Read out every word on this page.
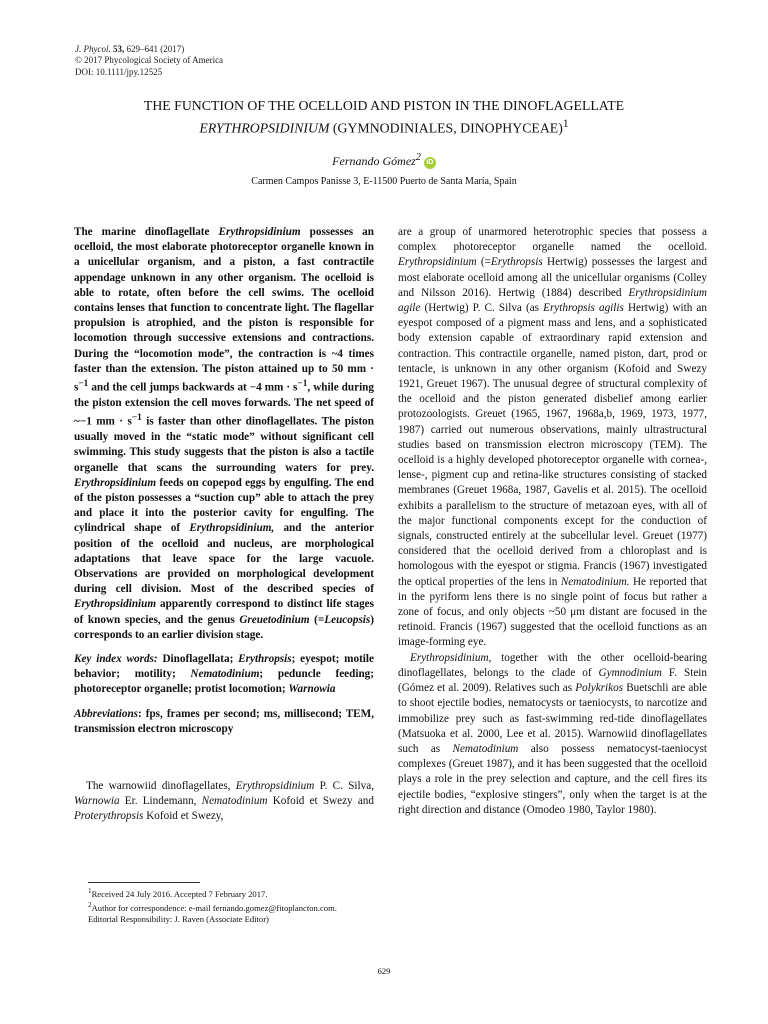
J. Phycol. 53, 629–641 (2017)
© 2017 Phycological Society of America
DOI: 10.1111/jpy.12525
THE FUNCTION OF THE OCELLOID AND PISTON IN THE DINOFLAGELLATE
ERYTHROPSIDINIUM (GYMNODINIALES, DINOPHYCEAE)$^1$
Fernando Gómez$^2$ iD
Carmen Campos Panisse 3, E-11500 Puerto de Santa María, Spain

The marine dinoflagellate Erythropsidinium possesses an ocelloid, the most elaborate photoreceptor organelle known in a unicellular organism, and a piston, a fast contractile appendage unknown in any other organism. The ocelloid is able to rotate, often before the cell swims. The ocelloid contains lenses that function to concentrate light. The flagellar propulsion is atrophied, and the piston is responsible for locomotion through successive extensions and contractions. During the “locomotion mode”, the contraction is ~4 times faster than the extension. The piston attained up to 50 mm · $s^{-1}$ and the cell jumps backwards at −4 mm · $s^{-1}$, while during the piston extension the cell moves forwards. The net speed of ~−1 mm · $s^{-1}$ is faster than other dinoflagellates. The piston usually moved in the “static mode” without significant cell swimming. This study suggests that the piston is also a tactile organelle that scans the surrounding waters for prey. Erythropsidinium feeds on copepod eggs by engulfing. The end of the piston possesses a “suction cup” able to attach the prey and place it into the posterior cavity for engulfing. The cylindrical shape of Erythropsidinium, and the anterior position of the ocelloid and nucleus, are morphological adaptations that leave space for the large vacuole. Observations are provided on morphological development during cell division. Most of the described species of Erythropsidinium apparently correspond to distinct life stages of known species, and the genus Greuetodinium (=Leucopsis) corresponds to an earlier division stage.

Key index words: Dinoflagellata; Erythropsis; eyespot; motile behavior; motility; Nematodinium; peduncle feeding; photoreceptor organelle; protist locomotion; Warnowia

Abbreviations: fps, frames per second; ms, millisecond; TEM, transmission electron microscopy

The warnowiid dinoflagellates, Erythropsidinium P. C. Silva, Warnowia Er. Lindemann, Nematodinium Kofoid et Swezy and Proterythropsis Kofoid et Swezy,

are a group of unarmored heterotrophic species that possess a complex photoreceptor organelle named the ocelloid. Erythropsidinium (=Erythropsis Hertwig) possesses the largest and most elaborate ocelloid among all the unicellular organisms (Colley and Nilsson 2016). Hertwig (1884) described Erythropsidinium agile (Hertwig) P. C. Silva (as Erythropsis agilis Hertwig) with an eyespot composed of a pigment mass and lens, and a sophisticated body extension capable of extraordinary rapid extension and contraction. This contractile organelle, named piston, dart, prod or tentacle, is unknown in any other organism (Kofoid and Swezy 1921, Greuet 1967). The unusual degree of structural complexity of the ocelloid and the piston generated disbelief among earlier protozoologists. Greuet (1965, 1967, 1968a,b, 1969, 1973, 1977, 1987) carried out numerous observations, mainly ultrastructural studies based on transmission electron microscopy (TEM). The ocelloid is a highly developed photoreceptor organelle with cornea-, lense-, pigment cup and retina-like structures consisting of stacked membranes (Greuet 1968a, 1987, Gavelis et al. 2015). The ocelloid exhibits a parallelism to the structure of metazoan eyes, with all of the major functional components except for the conduction of signals, constructed entirely at the subcellular level. Greuet (1977) considered that the ocelloid derived from a chloroplast and is homologous with the eyespot or stigma. Francis (1967) investigated the optical properties of the lens in Nematodinium. He reported that in the pyriform lens there is no single point of focus but rather a zone of focus, and only objects ~50 μm distant are focused in the retinoid. Francis (1967) suggested that the ocelloid functions as an image-forming eye.

Erythropsidinium, together with the other ocelloid-bearing dinoflagellates, belongs to the clade of Gymnodinium F. Stein (Gómez et al. 2009). Relatives such as Polykrikos Buetschli are able to shoot ejectile bodies, nematocysts or taeniocysts, to narcotize and immobilize prey such as fast-swimming red-tide dinoflagellates (Matsuoka et al. 2000, Lee et al. 2015). Warnowiid dinoflagellates such as Nematodinium also possess nematocyst-taeniocyst complexes (Greuet 1987), and it has been suggested that the ocelloid plays a role in the prey selection and capture, and the cell fires its ejectile bodies, “explosive stingers”, only when the target is at the right direction and distance (Omodeo 1980, Taylor 1980).

$^1$Received 24 July 2016. Accepted 7 February 2017.

$^2$Author for correspondence: e-mail fernando.gomez@fitoplancton.com.

Editorial Responsibility: J. Raven (Associate Editor)

629
